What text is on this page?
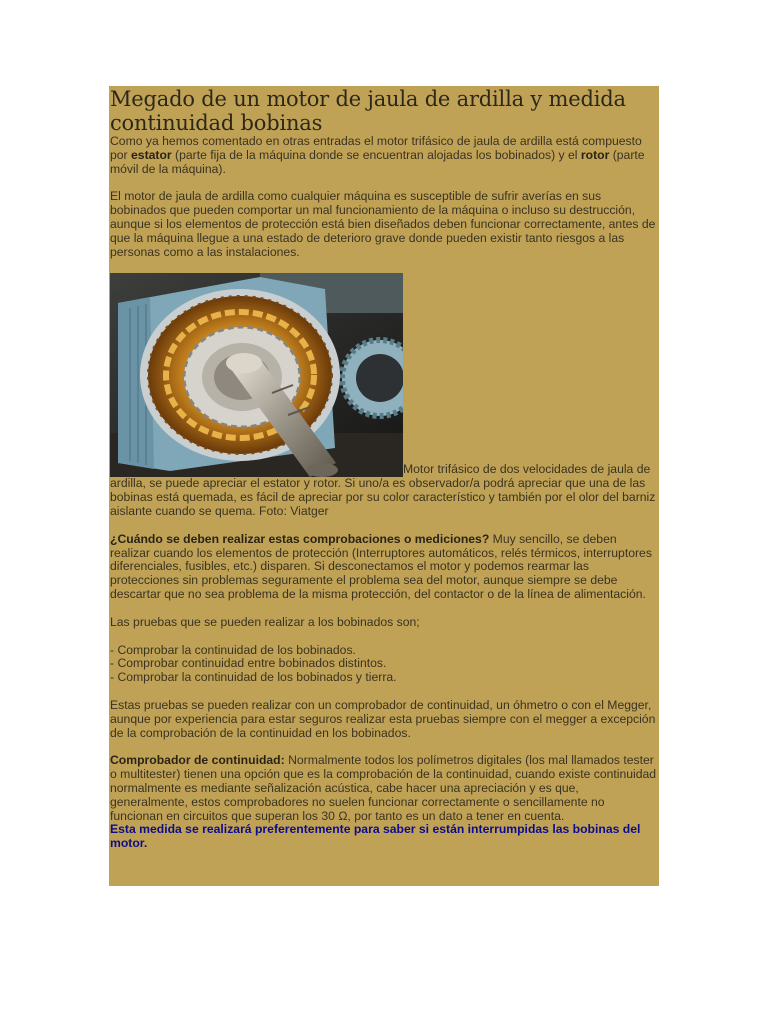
Megado de un motor de jaula de ardilla y medida continuidad bobinas

Como ya hemos comentado en otras entradas el motor trifásico de jaula de ardilla está compuesto por estator (parte fija de la máquina donde se encuentran alojadas los bobinados) y el rotor (parte móvil de la máquina).

El motor de jaula de ardilla como cualquier máquina es susceptible de sufrir averías en sus bobinados que pueden comportar un mal funcionamiento de la máquina o incluso su destrucción, aunque si los elementos de protección está bien diseñados deben funcionar correctamente, antes de que la máquina llegue a una estado de deterioro grave donde pueden existir tanto riesgos a las personas como a las instalaciones.

Motor trifásico de dos velocidades de jaula de ardilla, se puede apreciar el estator y rotor. Si uno/a es observador/a podrá apreciar que una de las bobinas está quemada, es fácil de apreciar por su color característico y también por el olor del barniz aislante cuando se quema. Foto: Viatger

¿Cuándo se deben realizar estas comprobaciones o mediciones? Muy sencillo, se deben realizar cuando los elementos de protección (Interruptores automáticos, relés térmicos, interruptores diferenciales, fusibles, etc.) disparen. Si desconectamos el motor y podemos rearmar las protecciones sin problemas seguramente el problema sea del motor, aunque siempre se debe descartar que no sea problema de la misma protección, del contactor o de la línea de alimentación.

Las pruebas que se pueden realizar a los bobinados son;

- Comprobar la continuidad de los bobinados.
- Comprobar continuidad entre bobinados distintos.
- Comprobar la continuidad de los bobinados y tierra.

Estas pruebas se pueden realizar con un comprobador de continuidad, un óhmetro o con el Megger, aunque por experiencia para estar seguros realizar esta pruebas siempre con el megger a excepción de la comprobación de la continuidad en los bobinados.

Comprobador de continuidad: Normalmente todos los polímetros digitales (los mal llamados tester o multitester) tienen una opción que es la comprobación de la continuidad, cuando existe continuidad normalmente es mediante señalización acústica, cabe hacer una apreciación y es que, generalmente, estos comprobadores no suelen funcionar correctamente o sencillamente no funcionan en circuitos que superan los 30 Ω, por tanto es un dato a tener en cuenta.

Esta medida se realizará preferentemente para saber si están interrumpidas las bobinas del motor.
